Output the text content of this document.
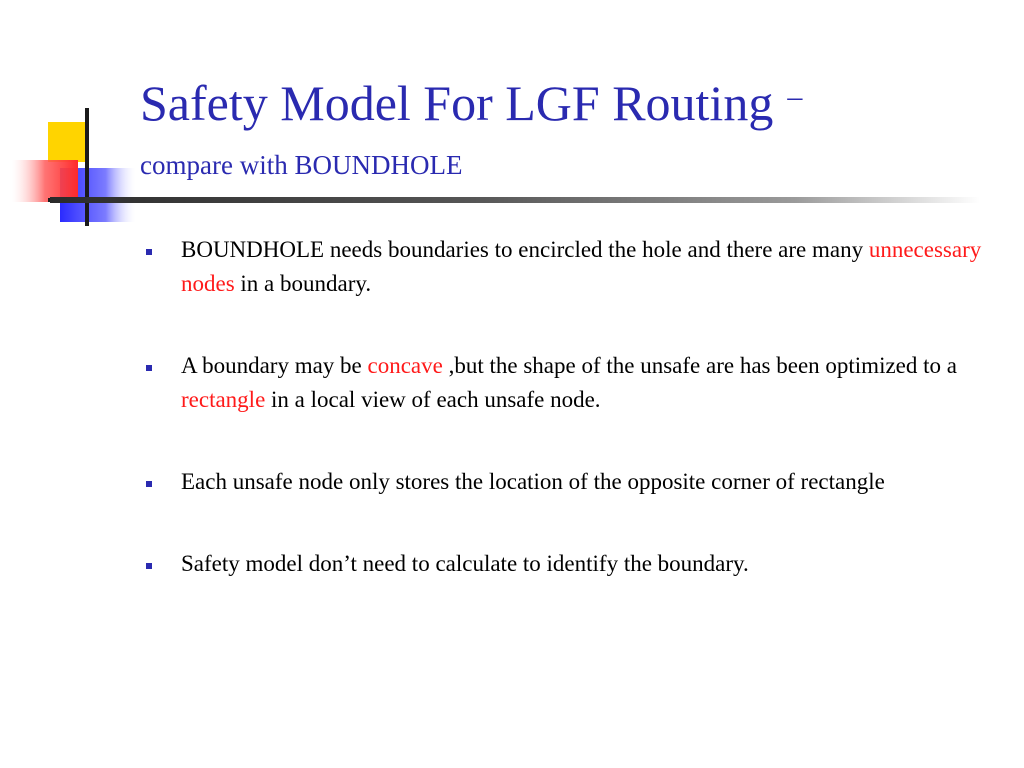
Safety Model For LGF Routing –
compare with BOUNDHOLE
BOUNDHOLE needs boundaries to encircled the hole and there are many unnecessary nodes in a boundary.
A boundary may be concave ,but the shape of the unsafe are has been optimized to a rectangle in a local view of each unsafe node.
Each unsafe node only stores the location of the opposite corner of rectangle
Safety model don’t need to calculate to identify the boundary.
